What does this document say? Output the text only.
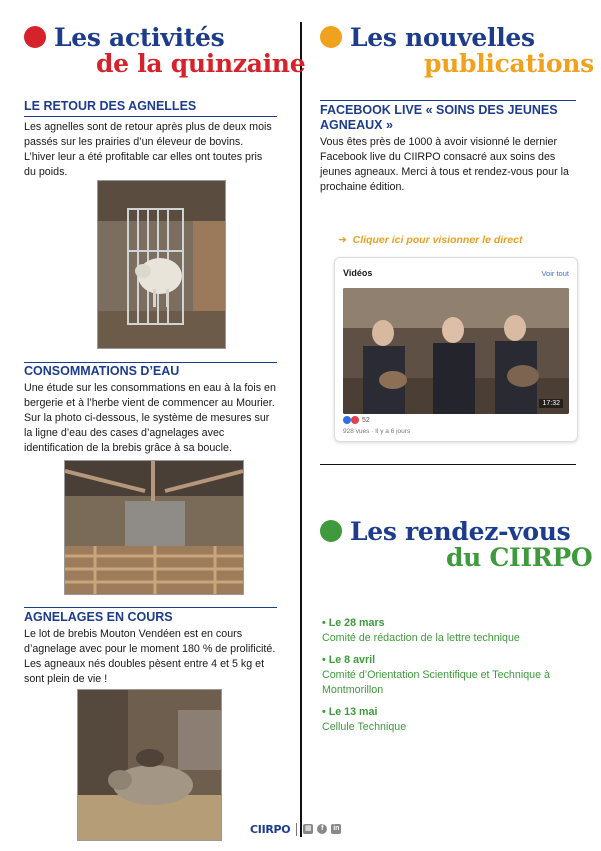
Les activités
de la quinzaine
LE RETOUR DES AGNELLES

Les agnelles sont de retour après plus de deux mois passés sur les prairies d’un éleveur de bovins. L’hiver leur a été profitable car elles ont toutes pris du poids.

CONSOMMATIONS D’EAU

Une étude sur les consommations en eau à la fois en bergerie et à l’herbe vient de commencer au Mourier. Sur la photo ci-dessous, le système de mesures sur la ligne d’eau des cases d’agnelages avec identification de la brebis grâce à sa boucle.

AGNELAGES EN COURS

Le lot de brebis Mouton Vendéen est en cours d’agnelage avec pour le moment 180 % de prolificité. Les agneaux nés doubles pèsent entre 4 et 5 kg et sont plein de vie !

Les nouvelles
publications
FACEBOOK LIVE « SOINS DES JEUNES AGNEAUX »

Vous êtes près de 1000 à avoir visionné le dernier Facebook live du CIIRPO consacré aux soins des jeunes agneaux. Merci à tous et rendez-vous pour la prochaine édition.

➜ Cliquer ici pour visionner le direct
Vidéos	Voir tout
17:32
52
928 vues · Il y a 6 jours
Les rendez-vous
du CIIRPO
• Le 28 mars
Comité de rédaction de la lettre technique
• Le 8 avril
Comité d’Orientation Scientifique et Technique à Montmorillon
• Le 13 mai
Cellule Technique
CIIRPO ▦	f	in
